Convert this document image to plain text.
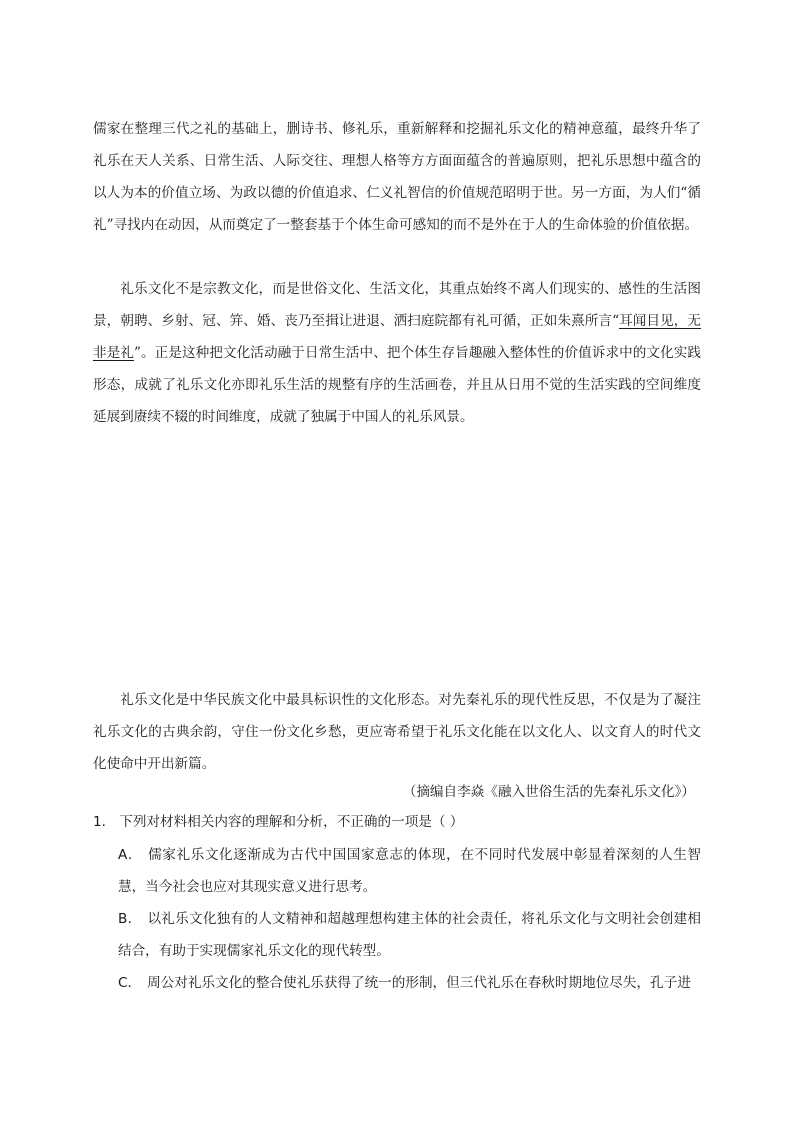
儒家在整理三代之礼的基础上，删诗书、修礼乐，重新解释和挖掘礼乐文化的精神意蕴，最终升华了礼乐在天人关系、日常生活、人际交往、理想人格等方方面面蕴含的普遍原则，把礼乐思想中蕴含的以人为本的价值立场、为政以德的价值追求、仁义礼智信的价值规范昭明于世。另一方面，为人们“循礼”寻找内在动因，从而奠定了一整套基于个体生命可感知的而不是外在于人的生命体验的价值依据。

礼乐文化不是宗教文化，而是世俗文化、生活文化，其重点始终不离人们现实的、感性的生活图景，朝聘、乡射、冠、笄、婚、丧乃至揖让进退、洒扫庭院都有礼可循，正如朱熹所言“耳闻目见，无非是礼”。正是这种把文化活动融于日常生活中、把个体生存旨趣融入整体性的价值诉求中的文化实践形态，成就了礼乐文化亦即礼乐生活的规整有序的生活画卷，并且从日用不觉的生活实践的空间维度延展到赓续不辍的时间维度，成就了独属于中国人的礼乐风景。

礼乐文化是中华民族文化中最具标识性的文化形态。对先秦礼乐的现代性反思，不仅是为了凝注礼乐文化的古典余韵，守住一份文化乡愁，更应寄希望于礼乐文化能在以文化人、以文育人的时代文化使命中开出新篇。

（摘编自李焱《融入世俗生活的先秦礼乐文化》）

1． 下列对材料相关内容的理解和分析，不正确的一项是（ ）

A． 儒家礼乐文化逐渐成为古代中国国家意志的体现，在不同时代发展中彰显着深刻的人生智慧，当今社会也应对其现实意义进行思考。

B． 以礼乐文化独有的人文精神和超越理想构建主体的社会责任，将礼乐文化与文明社会创建相结合，有助于实现儒家礼乐文化的现代转型。

C． 周公对礼乐文化的整合使礼乐获得了统一的形制，但三代礼乐在春秋时期地位尽失，孔子进
